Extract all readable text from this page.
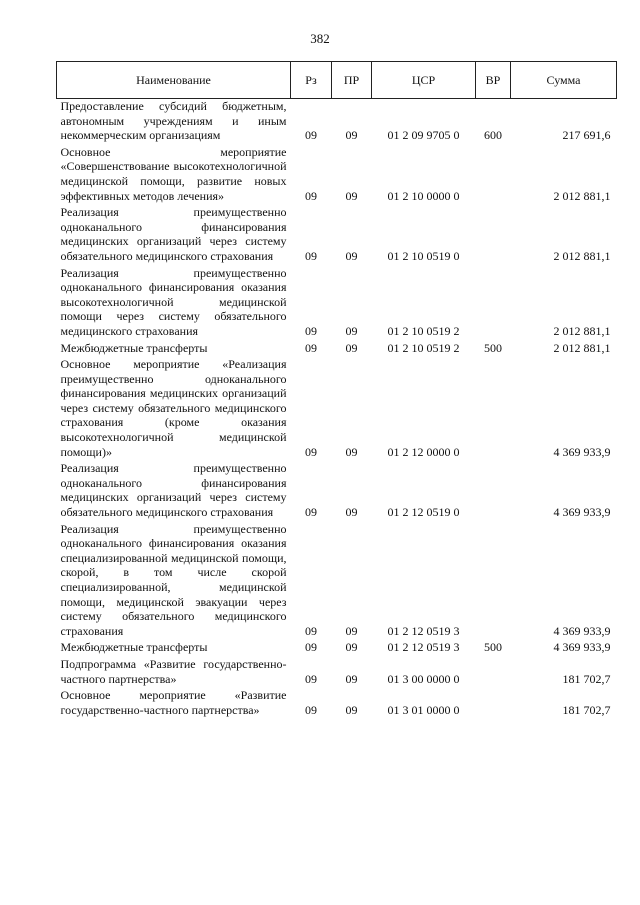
382
Наименование	Рз	ПР	ЦСР	ВР	Сумма
Предоставление субсидий бюджетным, автономным учреждениям и иным некоммерческим организациям	09	09	01 2 09 9705 0	600	217 691,6
Основное мероприятие «Совершенствование высокотехнологичной медицинской помощи, развитие новых эффективных методов лечения»	09	09	01 2 10 0000 0		2 012 881,1
Реализация преимущественно одноканального финансирования медицинских организаций через систему обязательного медицинского страхования	09	09	01 2 10 0519 0		2 012 881,1
Реализация преимущественно одноканального финансирования оказания высокотехнологичной медицинской помощи через систему обязательного медицинского страхования	09	09	01 2 10 0519 2		2 012 881,1
Межбюджетные трансферты	09	09	01 2 10 0519 2	500	2 012 881,1
Основное мероприятие «Реализация преимущественно одноканального финансирования медицинских организаций через систему обязательного медицинского страхования (кроме оказания высокотехнологичной медицинской помощи)»	09	09	01 2 12 0000 0		4 369 933,9
Реализация преимущественно одноканального финансирования медицинских организаций через систему обязательного медицинского страхования	09	09	01 2 12 0519 0		4 369 933,9
Реализация преимущественно одноканального финансирования оказания специализированной медицинской помощи, скорой, в том числе скорой специализированной, медицинской помощи, медицинской эвакуации через систему обязательного медицинского страхования	09	09	01 2 12 0519 3		4 369 933,9
Межбюджетные трансферты	09	09	01 2 12 0519 3	500	4 369 933,9
Подпрограмма «Развитие государственно-частного партнерства»	09	09	01 3 00 0000 0		181 702,7
Основное мероприятие «Развитие государственно-частного партнерства»	09	09	01 3 01 0000 0		181 702,7
